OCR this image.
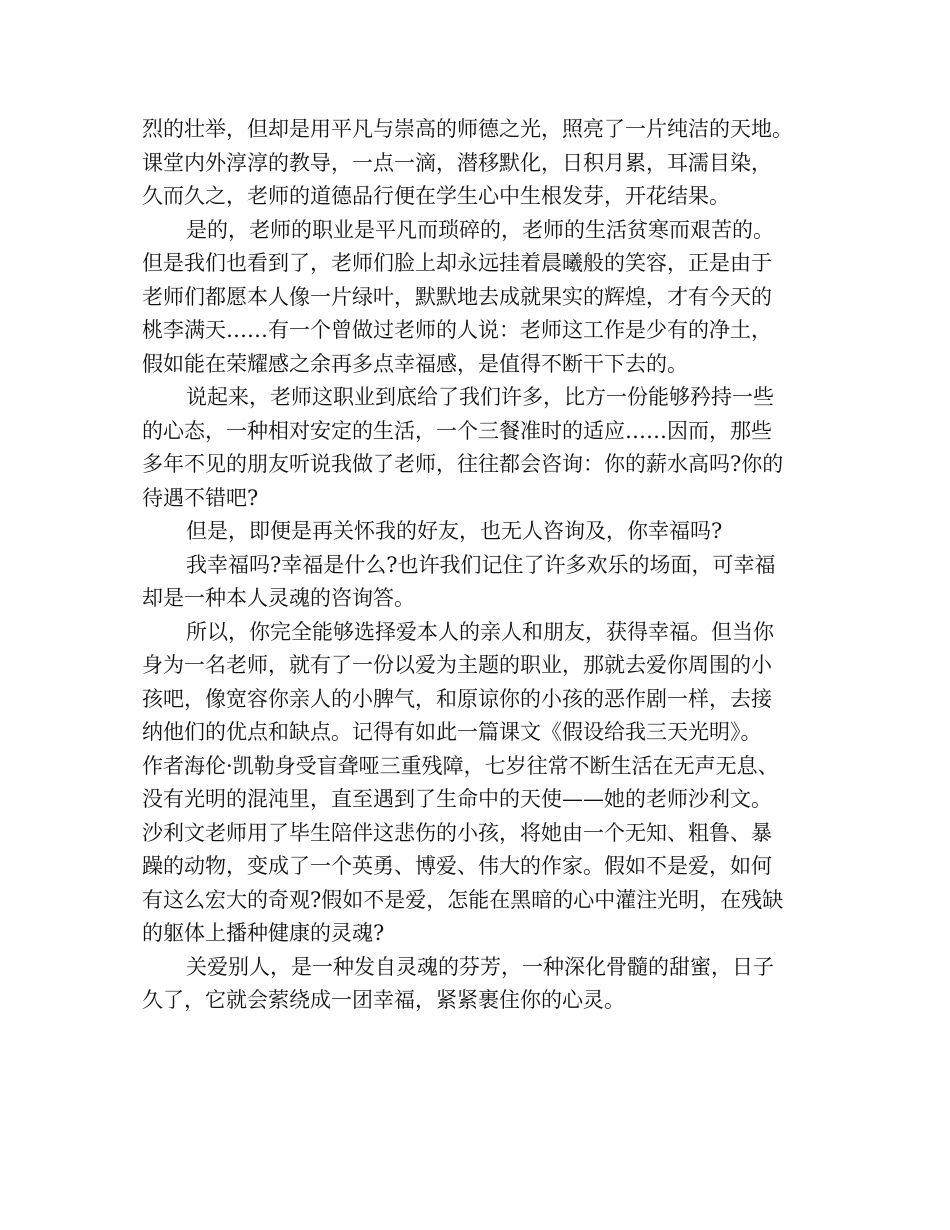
烈的壮举，但却是用平凡与崇高的师德之光，照亮了一片纯洁的天地。
课堂内外淳淳的教导，一点一滴，潜移默化，日积月累，耳濡目染，
久而久之，老师的道德品行便在学生心中生根发芽，开花结果。

是的，老师的职业是平凡而琐碎的，老师的生活贫寒而艰苦的。
但是我们也看到了，老师们脸上却永远挂着晨曦般的笑容，正是由于
老师们都愿本人像一片绿叶，默默地去成就果实的辉煌，才有今天的
桃李满天……有一个曾做过老师的人说：老师这工作是少有的净土，
假如能在荣耀感之余再多点幸福感，是值得不断干下去的。

说起来，老师这职业到底给了我们许多，比方一份能够矜持一些
的心态，一种相对安定的生活，一个三餐准时的适应……因而，那些
多年不见的朋友听说我做了老师，往往都会咨询：你的薪水高吗?你的
待遇不错吧?

但是，即便是再关怀我的好友，也无人咨询及，你幸福吗?

我幸福吗?幸福是什么?也许我们记住了许多欢乐的场面，可幸福
却是一种本人灵魂的咨询答。

所以，你完全能够选择爱本人的亲人和朋友，获得幸福。但当你
身为一名老师，就有了一份以爱为主题的职业，那就去爱你周围的小
孩吧，像宽容你亲人的小脾气，和原谅你的小孩的恶作剧一样，去接
纳他们的优点和缺点。记得有如此一篇课文《假设给我三天光明》。
作者海伦·凯勒身受盲聋哑三重残障，七岁往常不断生活在无声无息、
没有光明的混沌里，直至遇到了生命中的天使——她的老师沙利文。
沙利文老师用了毕生陪伴这悲伤的小孩，将她由一个无知、粗鲁、暴
躁的动物，变成了一个英勇、博爱、伟大的作家。假如不是爱，如何
有这么宏大的奇观?假如不是爱，怎能在黑暗的心中灌注光明，在残缺
的躯体上播种健康的灵魂?

关爱别人，是一种发自灵魂的芬芳，一种深化骨髓的甜蜜，日子
久了，它就会萦绕成一团幸福，紧紧裹住你的心灵。
